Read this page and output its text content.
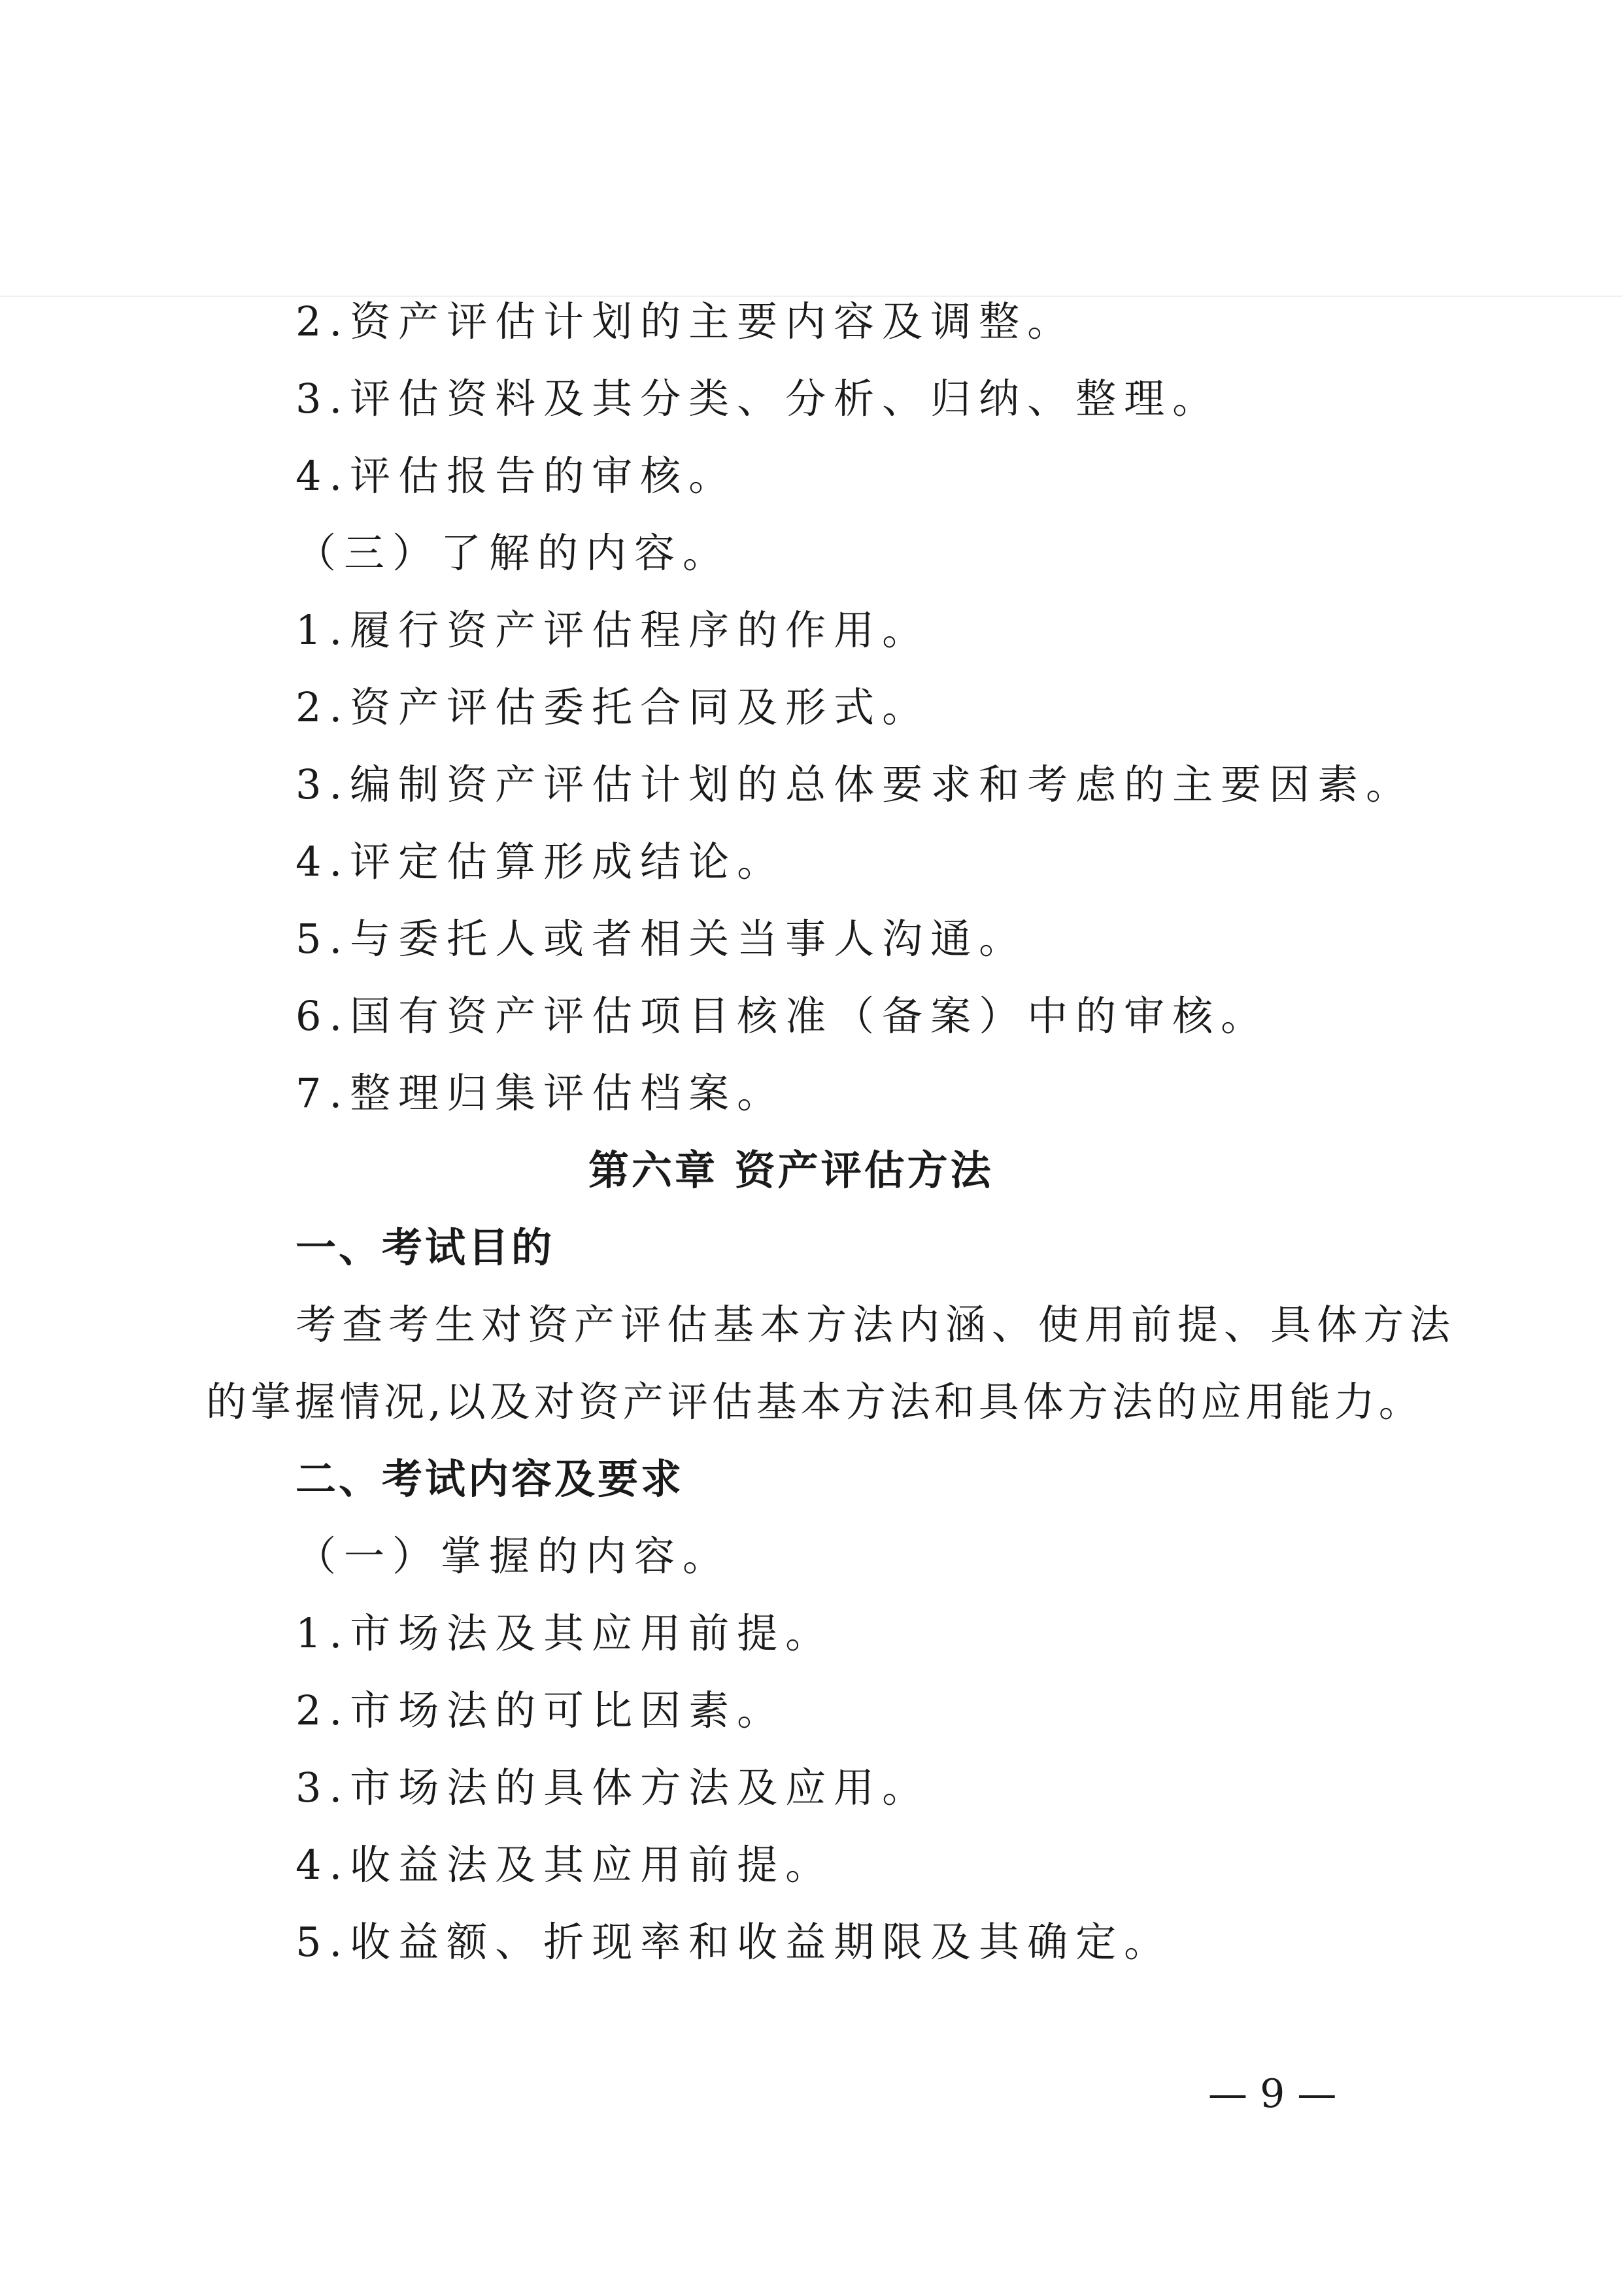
2.资产评估计划的主要内容及调整。
3.评估资料及其分类、分析、归纳、整理。
4.评估报告的审核。
（三）了解的内容。
1.履行资产评估程序的作用。
2.资产评估委托合同及形式。
3.编制资产评估计划的总体要求和考虑的主要因素。
4.评定估算形成结论。
5.与委托人或者相关当事人沟通。
6.国有资产评估项目核准（备案）中的审核。
7.整理归集评估档案。
第六章 资产评估方法
一、考试目的
考查考生对资产评估基本方法内涵、使用前提、具体方法
的掌握情况,以及对资产评估基本方法和具体方法的应用能力。
二、考试内容及要求
（一）掌握的内容。
1.市场法及其应用前提。
2.市场法的可比因素。
3.市场法的具体方法及应用。
4.收益法及其应用前提。
5.收益额、折现率和收益期限及其确定。
— 9 —
